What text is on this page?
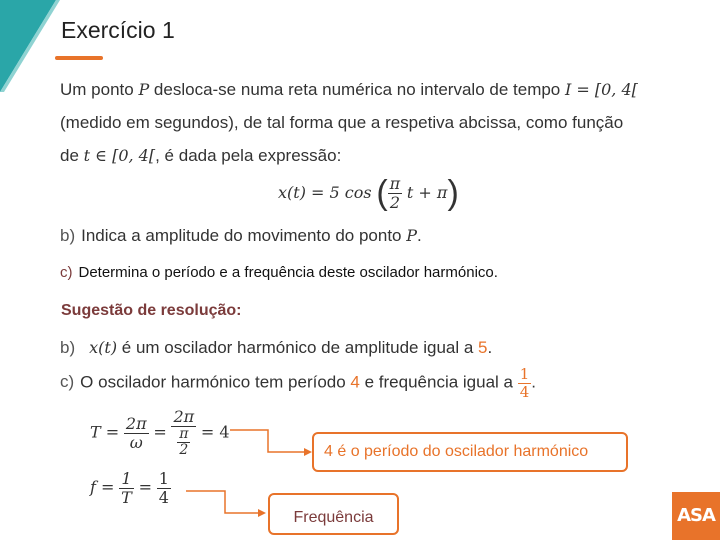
Exercício 1
Um ponto P desloca-se numa reta numérica no intervalo de tempo I = [0, 4[
(medido em segundos), de tal forma que a respetiva abcissa, como função
de t ∈ [0, 4[, é dada pela expressão:
x(t) = 5 cos ( $\frac{\pi}{2}$ t + π)
b) Indica a amplitude do movimento do ponto P.
c) Determina o período e a frequência deste oscilador harmónico.
Sugestão de resolução:
b) x(t) é um oscilador harmónico de amplitude igual a 5.
c) O oscilador harmónico tem período 4 e frequência igual a $\frac{1}{4}$ .
$T = \frac{2\pi}{\omega} = \frac{2\pi}{\frac{\pi}{2}} = 4$
$f = \frac{1}{T} = \frac{1}{4}$
4 é o período do oscilador harmónico
Frequência	ASA
